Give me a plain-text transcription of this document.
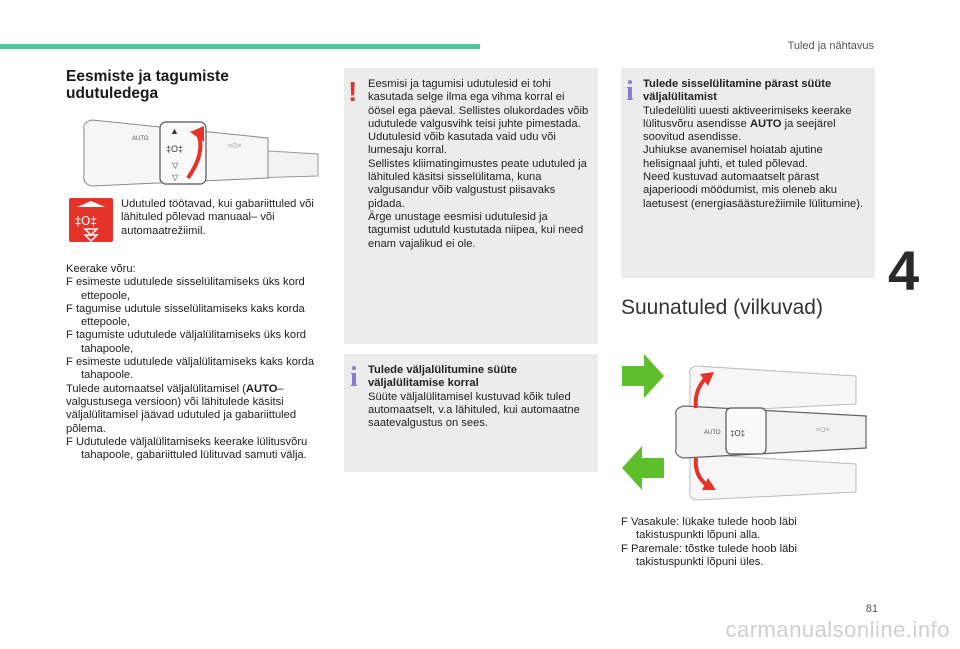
Tuled ja nähtavus
4
Eesmiste ja tagumiste
udutuledega
AUTO
▲
‡O‡
▽
▽
≡O≡
‡O‡
Udutuled töötavad, kui gabariittuled või lähituled põlevad manuaal– või automaatrežiimil.
Keerake võru:
F esimeste udutulede sisselülitamiseks üks kord ettepoole,
F tagumise udutule sisselülitamiseks kaks korda ettepoole,
F tagumiste udutulede väljalülitamiseks üks kord tahapoole,
F esimeste udutulede väljalülitamiseks kaks korda tahapoole.
Tulede automaatsel väljalülitamisel (AUTO– valgustusega versioon) või lähitulede käsitsi väljalülitamisel jäävad udutuled ja gabariittuled põlema.
F Udutulede väljalülitamiseks keerake lülitusvõru tahapoole, gabariittuled lülituvad samuti välja.
! Eesmisi ja tagumisi udutulesid ei tohi kasutada selge ilma ega vihma korral ei öösel ega päeval. Sellistes olukordades võib udutulede valgusvihk teisi juhte pimestada. Udutulesid võib kasutada vaid udu või lumesaju korral.
Sellistes kliimatingimustes peate udutuled ja lähituled käsitsi sisselülitama, kuna valgusandur võib valgustust piisavaks pidada.
Ärge unustage eesmisi udutulesid ja tagumist udutuld kustutada niipea, kui need enam vajalikud ei ole.
i Tulede väljalülitumine süüte väljalülitamise korral
Süüte väljalülitamisel kustuvad kõik tuled automaatselt, v.a lähituled, kui automaatne saatevalgustus on sees.
i Tulede sisselülitamine pärast süüte väljalülitamist
Tuledelüliti uuesti aktiveerimiseks keerake lülitusvõru asendisse AUTO ja seejärel soovitud asendisse.
Juhiukse avanemisel hoiatab ajutine helisignaal juhti, et tuled põlevad.
Need kustuvad automaatselt pärast ajaperioodi möödumist, mis oleneb aku laetusest (energiasäästurežiimile lülitumine).
Suunatuled (vilkuvad)
AUTO ‡O‡	≡O≡
F Vasakule: lükake tulede hoob läbi takistuspunkti lõpuni alla.
F Paremale: tõstke tulede hoob läbi takistuspunkti lõpuni üles.
81
carmanualsonline.info
